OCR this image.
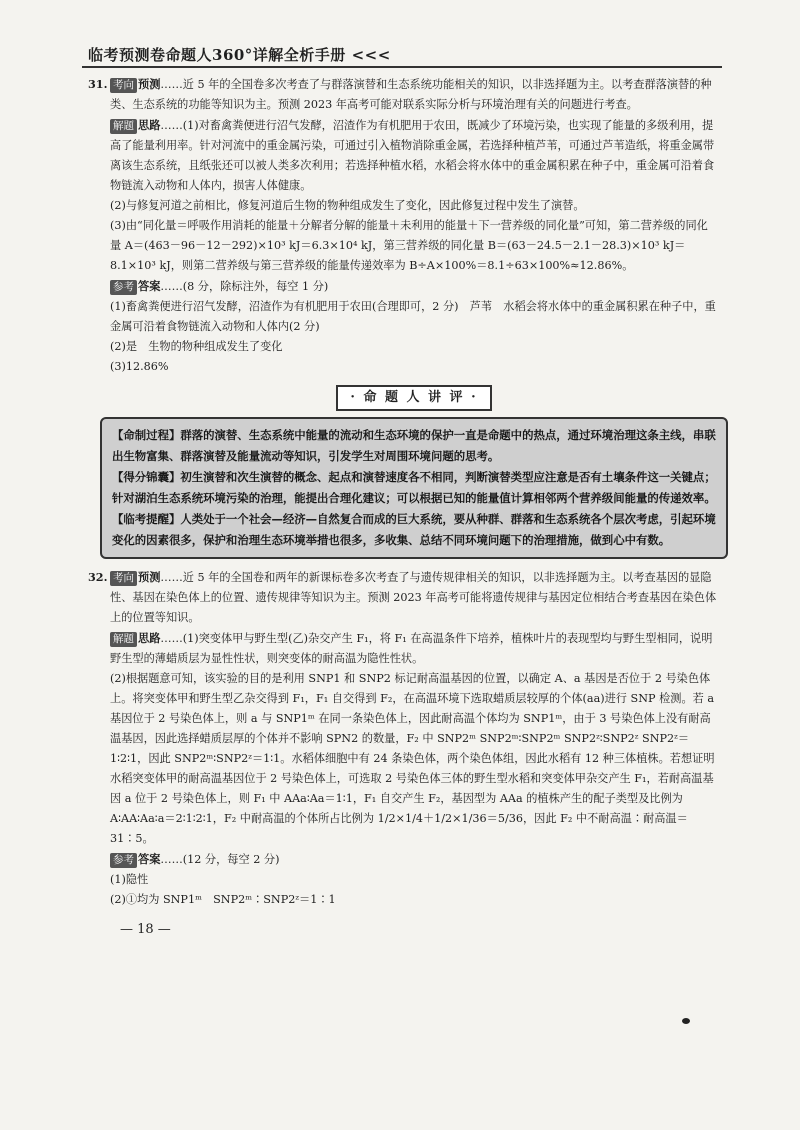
临考预测卷命题人360°详解全析手册 <<<

31. 考向 预测……近 5 年的全国卷多次考查了与群落演替和生态系统功能相关的知识，以非选择题为主。以考查群落演替的种类、生态系统的功能等知识为主。预测 2023 年高考可能对联系实际分析与环境治理有关的问题进行考查。

解题 思路……(1)对畜禽粪便进行沼气发酵，沼渣作为有机肥用于农田，既减少了环境污染，也实现了能量的多级利用，提高了能量利用率。针对河流中的重金属污染，可通过引入植物消除重金属，若选择种植芦苇，可通过芦苇造纸，将重金属带离该生态系统，且纸张还可以被人类多次利用；若选择种植水稻，水稻会将水体中的重金属积累在种子中，重金属可沿着食物链流入动物和人体内，损害人体健康。

(2)与修复河道之前相比，修复河道后生物的物种组成发生了变化，因此修复过程中发生了演替。

(3)由“同化量＝呼吸作用消耗的能量＋分解者分解的能量＋未利用的能量＋下一营养级的同化量”可知，第二营养级的同化量 A＝(463－96－12－292)×10³ kJ＝6.3×10⁴ kJ，第三营养级的同化量 B＝(63－24.5－2.1－28.3)×10³ kJ＝8.1×10³ kJ，则第二营养级与第三营养级的能量传递效率为 B÷A×100%＝8.1÷63×100%≈12.86%。

参考 答案……(8 分，除标注外，每空 1 分)

(1)畜禽粪便进行沼气发酵，沼渣作为有机肥用于农田(合理即可，2 分)　芦苇　水稻会将水体中的重金属积累在种子中，重金属可沿着食物链流入动物和人体内(2 分)

(2)是　生物的物种组成发生了变化

(3)12.86%

· 命 题 人 讲 评 ·

【命制过程】群落的演替、生态系统中能量的流动和生态环境的保护一直是命题中的热点，通过环境治理这条主线，串联出生物富集、群落演替及能量流动等知识，引发学生对周围环境问题的思考。

【得分锦囊】初生演替和次生演替的概念、起点和演替速度各不相同，判断演替类型应注意是否有土壤条件这一关键点；针对湖泊生态系统环境污染的治理，能提出合理化建议；可以根据已知的能量值计算相邻两个营养级间能量的传递效率。

【临考提醒】人类处于一个社会—经济—自然复合而成的巨大系统，要从种群、群落和生态系统各个层次考虑，引起环境变化的因素很多，保护和治理生态环境举措也很多，多收集、总结不同环境问题下的治理措施，做到心中有数。

32. 考向 预测……近 5 年的全国卷和两年的新课标卷多次考查了与遗传规律相关的知识，以非选择题为主。以考查基因的显隐性、基因在染色体上的位置、遗传规律等知识为主。预测 2023 年高考可能将遗传规律与基因定位相结合考查基因在染色体上的位置等知识。

解题 思路……(1)突变体甲与野生型(乙)杂交产生 F₁，将 F₁ 在高温条件下培养，植株叶片的表现型均与野生型相同，说明野生型的薄蜡质层为显性性状，则突变体的耐高温为隐性性状。

(2)根据题意可知，该实验的目的是利用 SNP1 和 SNP2 标记耐高温基因的位置，以确定 A、a 基因是否位于 2 号染色体上。将突变体甲和野生型乙杂交得到 F₁，F₁ 自交得到 F₂，在高温环境下选取蜡质层较厚的个体(aa)进行 SNP 检测。若 a 基因位于 2 号染色体上，则 a 与 SNP1ᵐ 在同一条染色体上，因此耐高温个体均为 SNP1ᵐ，由于 3 号染色体上没有耐高温基因，因此选择蜡质层厚的个体并不影响 SPN2 的数量，F₂ 中 SNP2ᵐ SNP2ᵐ∶SNP2ᵐ SNP2ᶻ∶SNP2ᶻ SNP2ᶻ＝1∶2∶1，因此 SNP2ᵐ∶SNP2ᶻ＝1∶1。水稻体细胞中有 24 条染色体，两个染色体组，因此水稻有 12 种三体植株。若想证明水稻突变体甲的耐高温基因位于 2 号染色体上，可选取 2 号染色体三体的野生型水稻和突变体甲杂交产生 F₁，若耐高温基因 a 位于 2 号染色体上，则 F₁ 中 AAa∶Aa＝1∶1，F₁ 自交产生 F₂，基因型为 AAa 的植株产生的配子类型及比例为 A∶AA∶Aa∶a＝2∶1∶2∶1，F₂ 中耐高温的个体所占比例为 1/2×1/4＋1/2×1/36＝5/36，因此 F₂ 中不耐高温∶耐高温＝31∶5。

参考 答案……(12 分，每空 2 分)

(1)隐性

(2)①均为 SNP1ᵐ　SNP2ᵐ∶SNP2ᶻ＝1∶1

— 18 —
